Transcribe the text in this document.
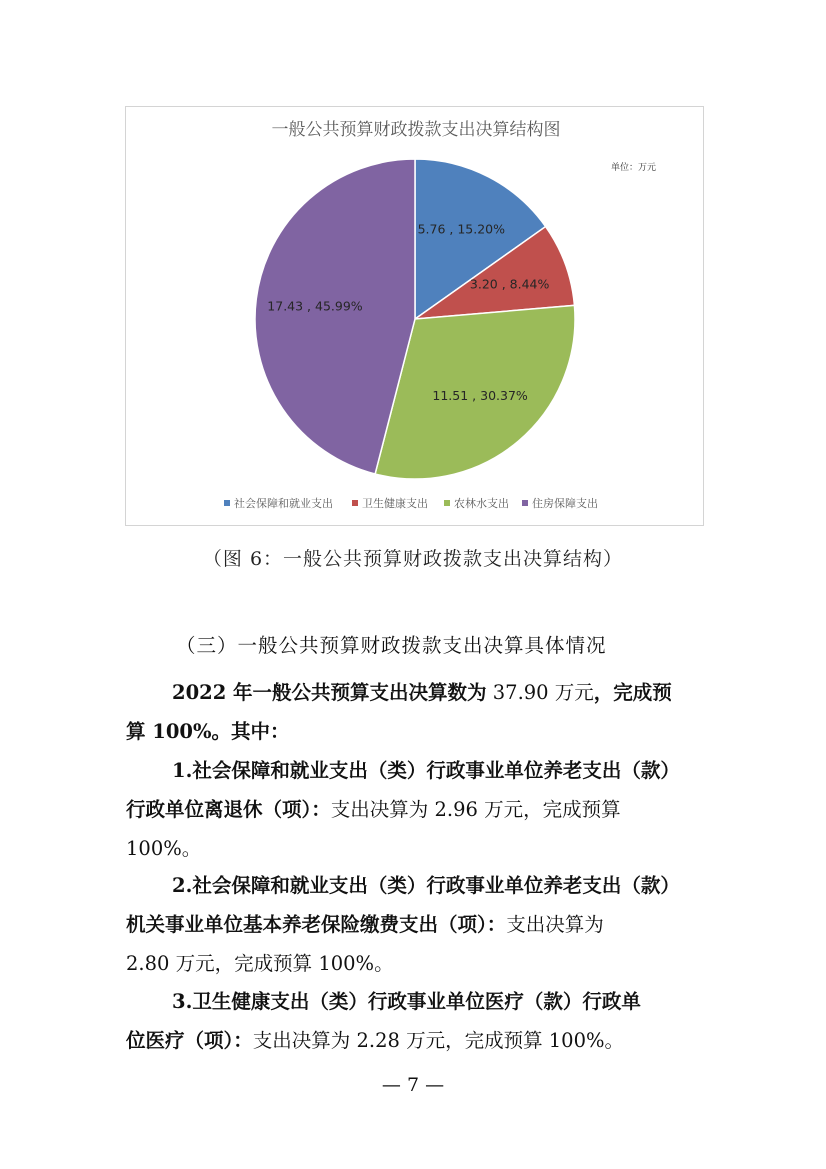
一般公共预算财政拨款支出决算结构图
单位：万元
5.76 , 15.20%
3.20 , 8.44%
11.51 , 30.37%
17.43 , 45.99%
社会保障和就业支出	卫生健康支出 农林水支出 住房保障支出
（图 6：一般公共预算财政拨款支出决算结构）
（三）一般公共预算财政拨款支出决算具体情况
2022 年一般公共预算支出决算数为 37.90 万元，完成预
算 100%。其中：
1.社会保障和就业支出（类）行政事业单位养老支出（款）
行政单位离退休（项）：支出决算为 2.96 万元，完成预算
100%。
2.社会保障和就业支出（类）行政事业单位养老支出（款）
机关事业单位基本养老保险缴费支出（项）：支出决算为
2.80 万元，完成预算 100%。
3.卫生健康支出（类）行政事业单位医疗（款）行政单
位医疗（项）：支出决算为 2.28 万元，完成预算 100%。
— 7 —
